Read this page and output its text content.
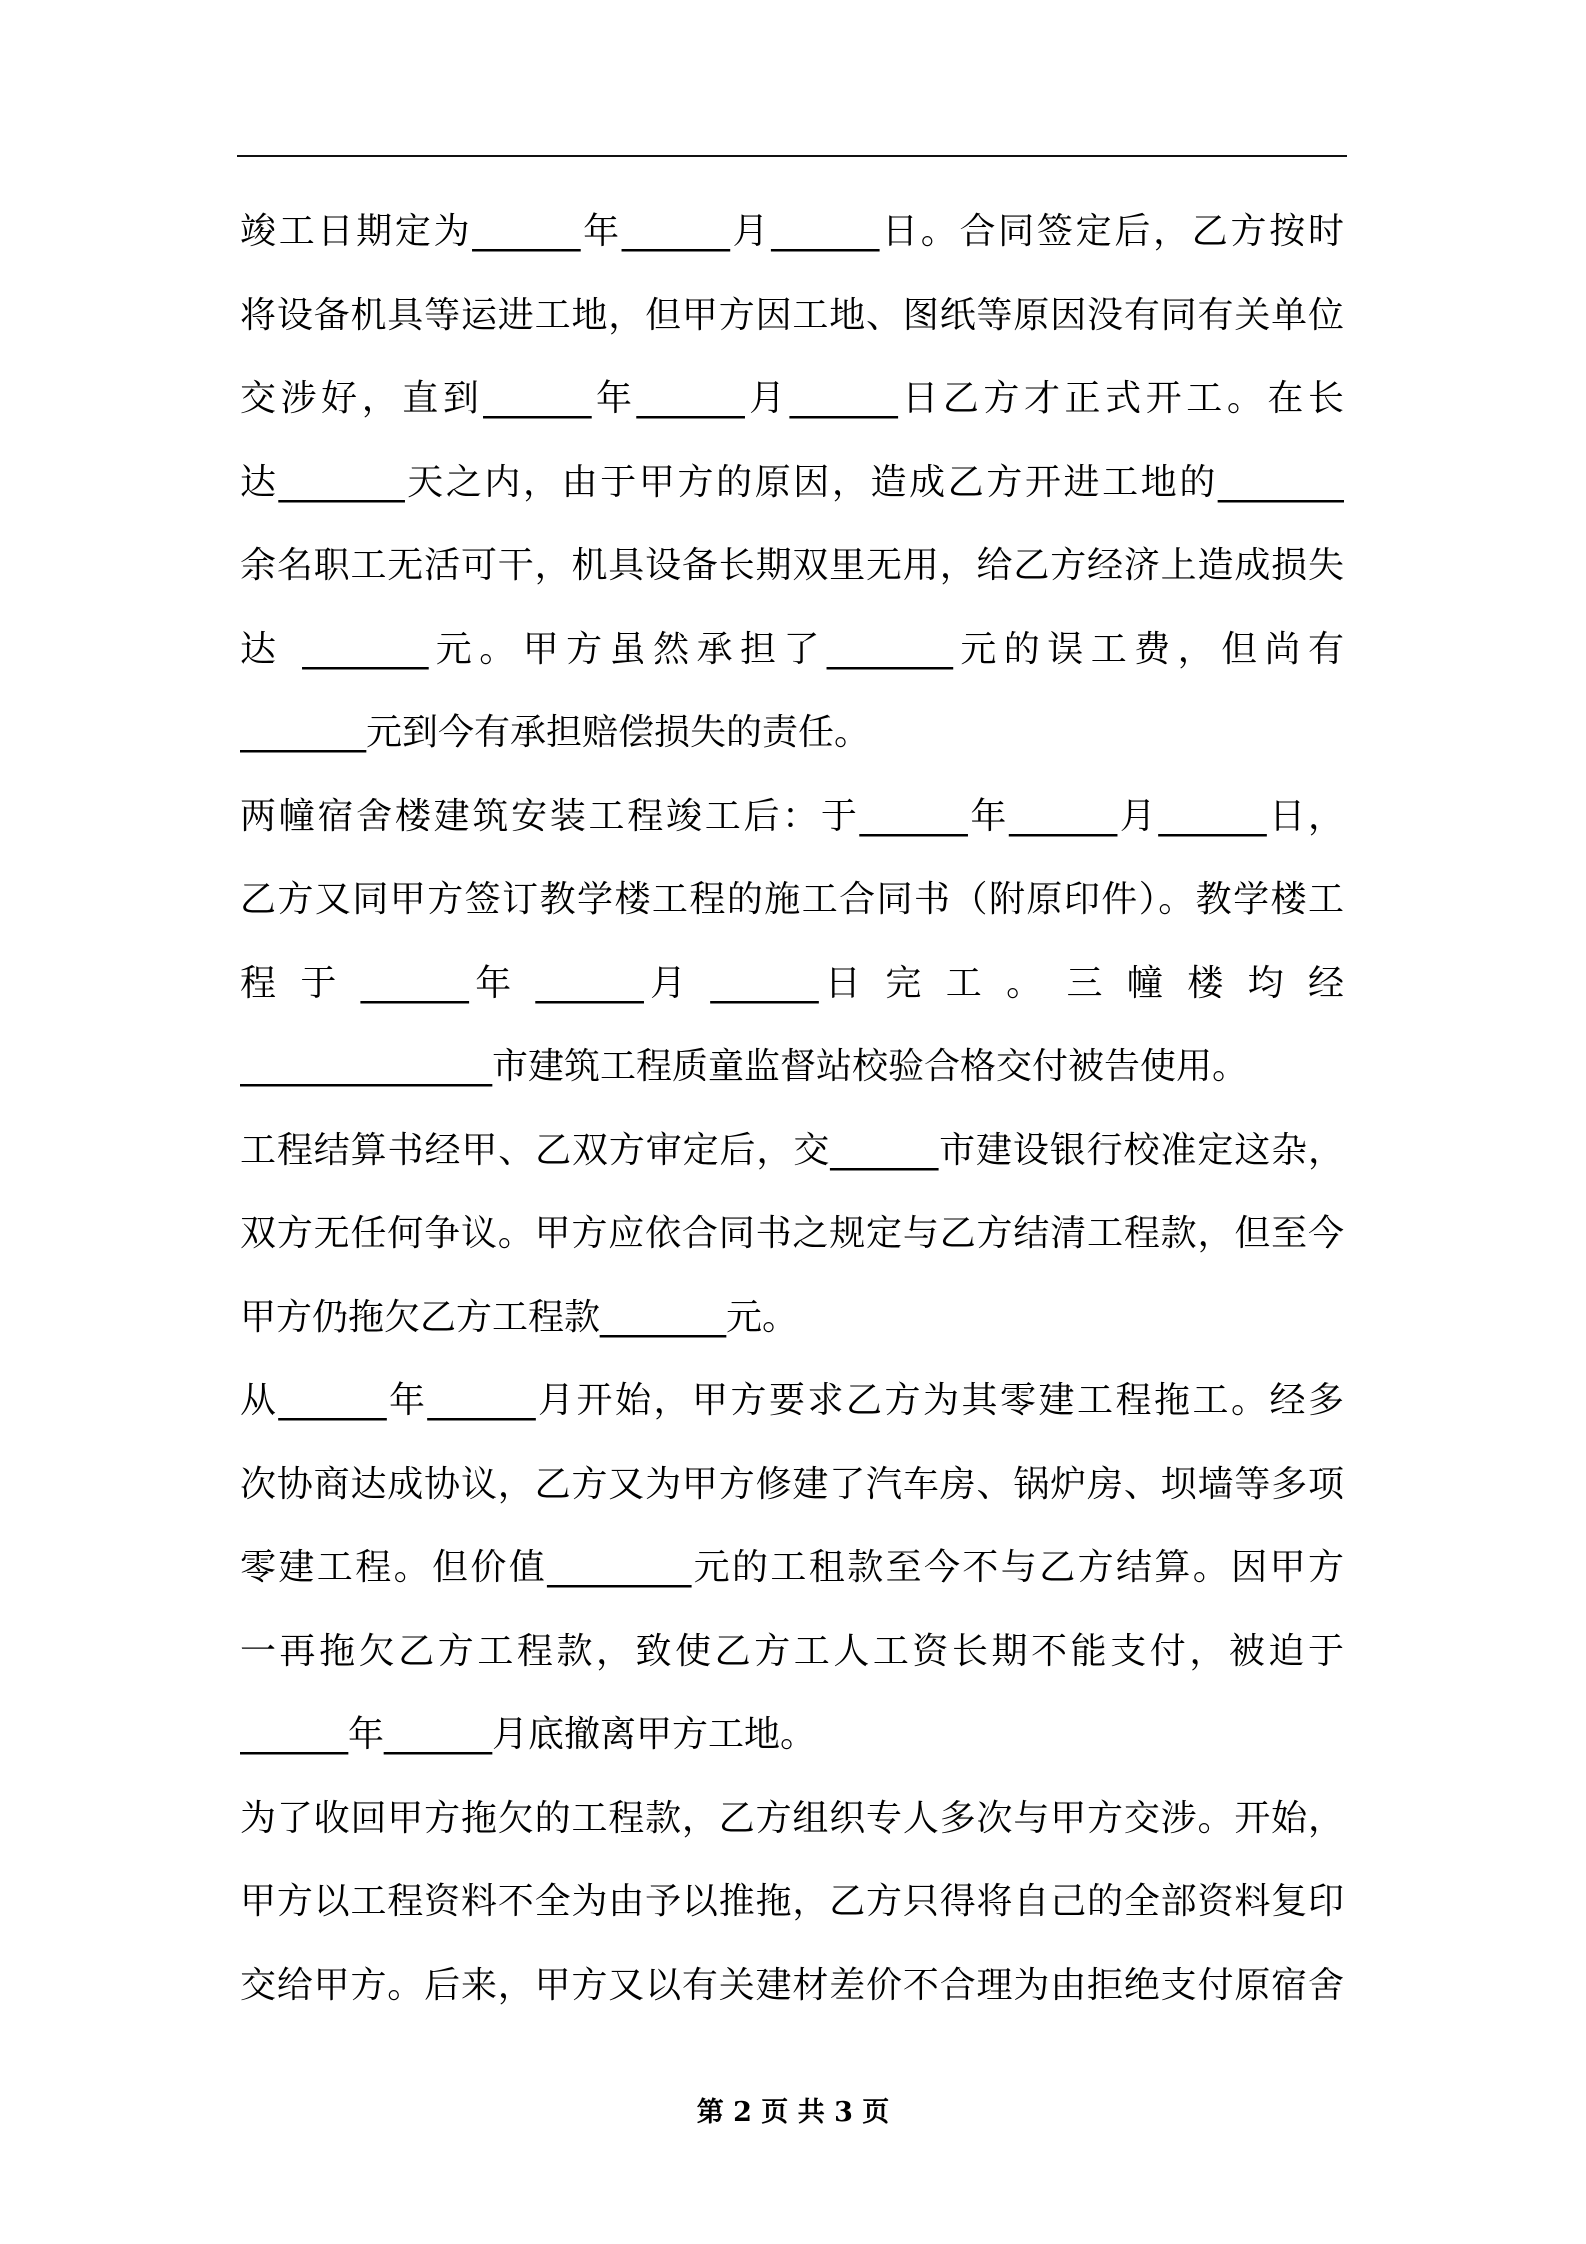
竣工日期定为______年______月______日。合同签定后，乙方按时
将设备机具等运进工地，但甲方因工地、图纸等原因没有同有关单位
交涉好，直到______年______月______日乙方才正式开工。在长
达_______天之内，由于甲方的原因，造成乙方开进工地的_______
余名职工无活可干，机具设备长期双里无用，给乙方经济上造成损失
达 _______元。甲方虽然承担了_______元的误工费，但尚有
_______元到今有承担赔偿损失的责任。
两幢宿舍楼建筑安装工程竣工后：于______年______月______日，
乙方又同甲方签订教学楼工程的施工合同书（附原印件）。教学楼工
程 于 ______年 ______月 ______日 完 工 。 三 幢 楼 均 经
______________市建筑工程质童监督站校验合格交付被告使用。
工程结算书经甲、乙双方审定后，交______市建设银行校准定这杂，
双方无任何争议。甲方应依合同书之规定与乙方结清工程款，但至今
甲方仍拖欠乙方工程款_______元。
从______年______月开始，甲方要求乙方为其零建工程拖工。经多
次协商达成协议，乙方又为甲方修建了汽车房、锅炉房、坝墙等多项
零建工程。但价值________元的工租款至今不与乙方结算。因甲方
一再拖欠乙方工程款，致使乙方工人工资长期不能支付，被迫于
______年______月底撤离甲方工地。
为了收回甲方拖欠的工程款，乙方组织专人多次与甲方交涉。开始，
甲方以工程资料不全为由予以推拖，乙方只得将自己的全部资料复印
交给甲方。后来，甲方又以有关建材差价不合理为由拒绝支付原宿舍
第 2 页 共 3 页
